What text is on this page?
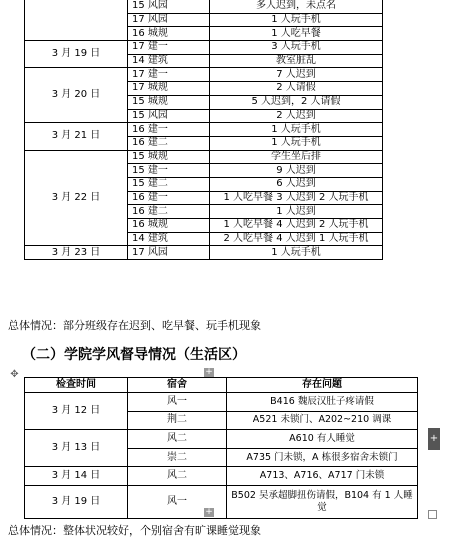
	15 风园	多人迟到，未点名
	17 风园	1 人玩手机
	16 城规	1 人吃早餐
3 月 19 日	17 建一	3 人玩手机
	14 建筑	教室脏乱
3 月 20 日	17 建一	7 人迟到
	17 城规	2 人请假
	15 城规	5 人迟到，2 人请假
	15 风园	2 人迟到
3 月 21 日	16 建一	1 人玩手机
	16 建二	1 人玩手机
3 月 22 日	15 城规	学生坐后排
	15 建一	9 人迟到
	15 建二	6 人迟到
	16 建一	1 人吃早餐 3 人迟到 2 人玩手机
	16 建二	1 人迟到
	16 城规	1 人吃早餐 4 人迟到 2 人玩手机
	14 建筑	2 人吃早餐 4 人迟到 1 人玩手机
3 月 23 日	17 风园	1 人玩手机
总体情况：部分班级存在迟到、吃早餐、玩手机现象
（二）学院学风督导情况（生活区）
✥
检查时间	宿舍	存在问题
3 月 12 日	风一	B416 魏辰汉肚子疼请假
	荆二	A521 未锁门、A202~210 调课
3 月 13 日	风二	A610 有人睡觉
	崇二	A735 门未锁，A 栋很多宿舍未锁门
3 月 14 日	风二	A713、A716、A717 门未锁
3 月 19 日	风一	B502 吴承超脚扭伤请假，B104 有 1 人睡觉
+
+
+
总体情况：整体状况较好，个别宿舍有旷课睡觉现象
